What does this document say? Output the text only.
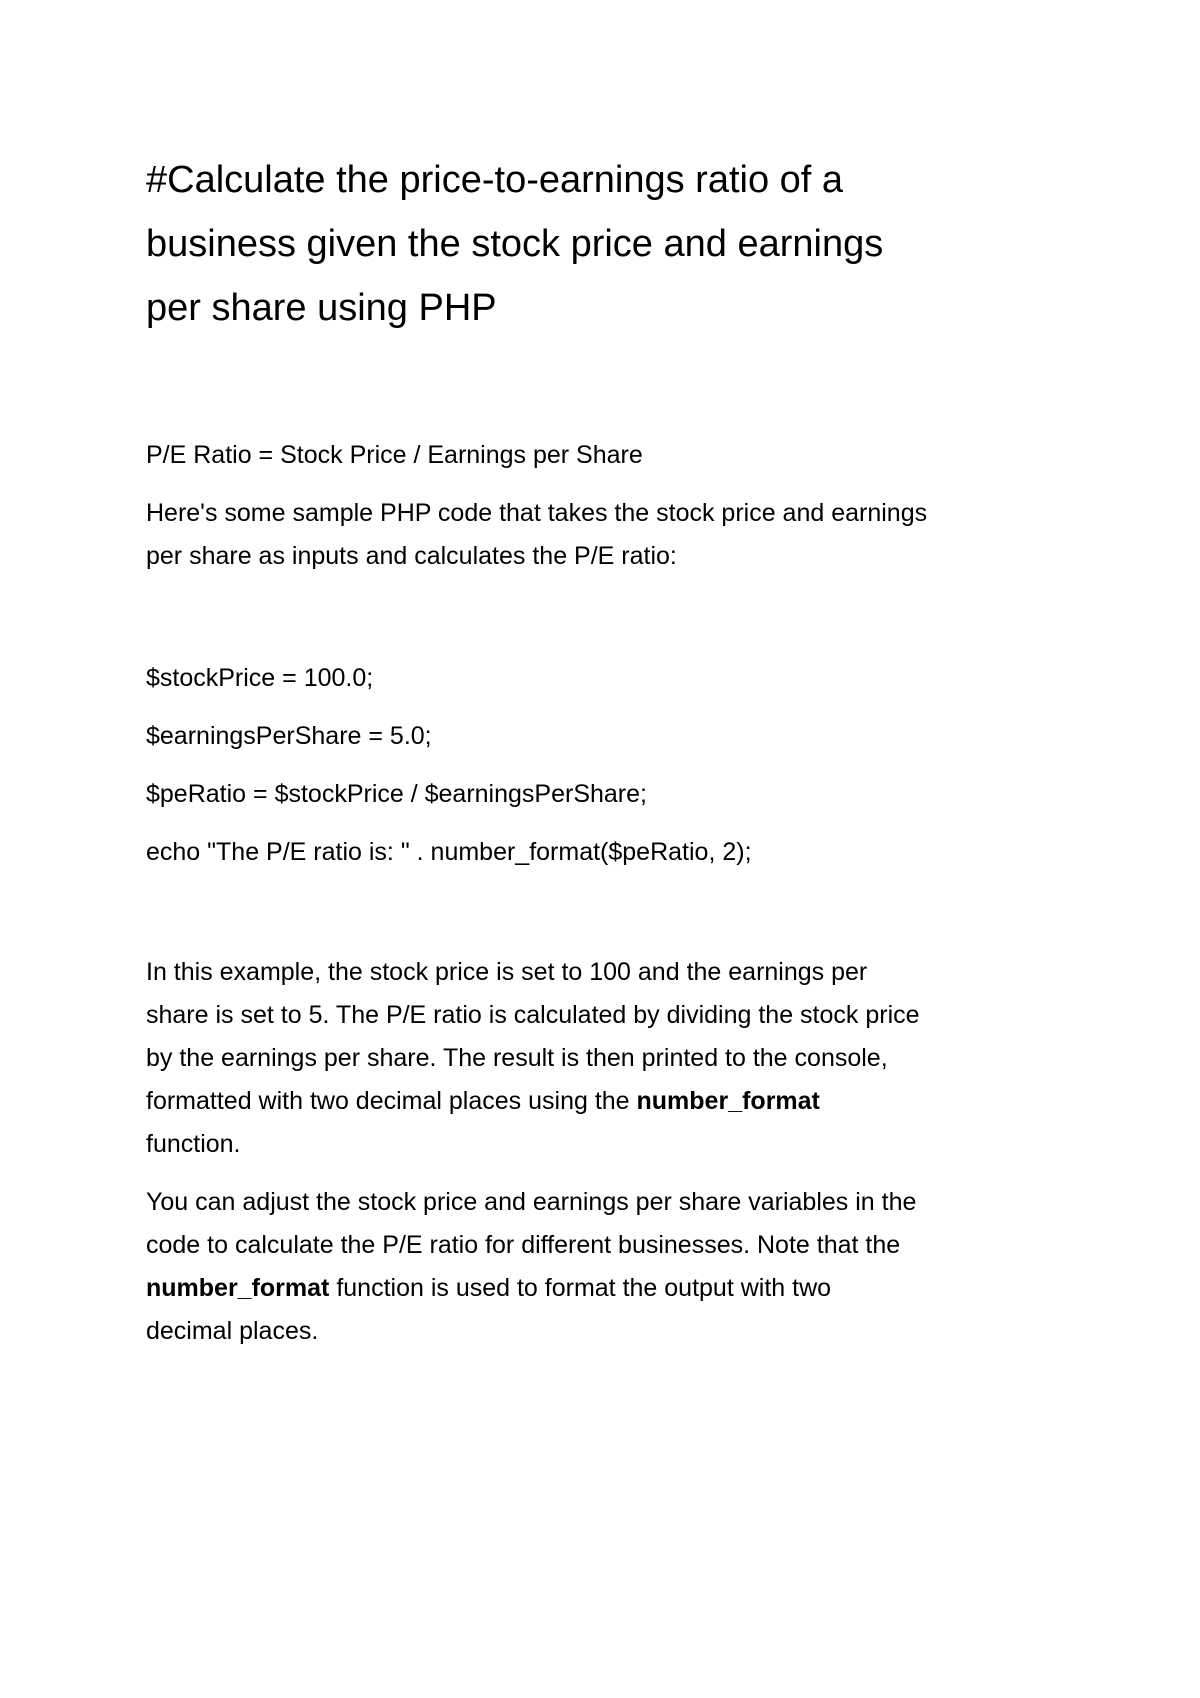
#Calculate the price-to-earnings ratio of a
business given the stock price and earnings
per share using PHP

P/E Ratio = Stock Price / Earnings per Share

Here's some sample PHP code that takes the stock price and earnings
per share as inputs and calculates the P/E ratio:

$stockPrice = 100.0;

$earningsPerShare = 5.0;

$peRatio = $stockPrice / $earningsPerShare;

echo "The P/E ratio is: " . number_format($peRatio, 2);

In this example, the stock price is set to 100 and the earnings per
share is set to 5. The P/E ratio is calculated by dividing the stock price
by the earnings per share. The result is then printed to the console,
formatted with two decimal places using the number_format
function.

You can adjust the stock price and earnings per share variables in the
code to calculate the P/E ratio for different businesses. Note that the
number_format function is used to format the output with two
decimal places.
